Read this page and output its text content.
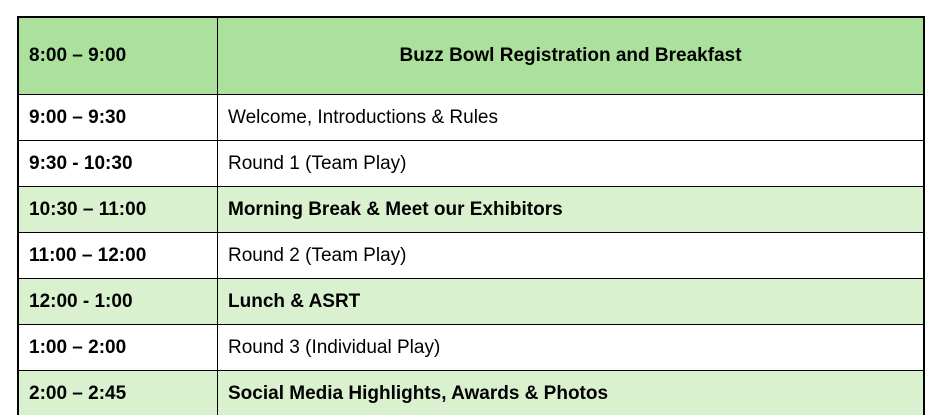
8:00 – 9:00	Buzz Bowl Registration and Breakfast
9:00 – 9:30	Welcome, Introductions & Rules
9:30 - 10:30	Round 1 (Team Play)
10:30 – 11:00	Morning Break & Meet our Exhibitors
11:00 – 12:00	Round 2 (Team Play)
12:00 - 1:00	Lunch & ASRT
1:00 – 2:00	Round 3 (Individual Play)
2:00 – 2:45	Social Media Highlights, Awards & Photos
